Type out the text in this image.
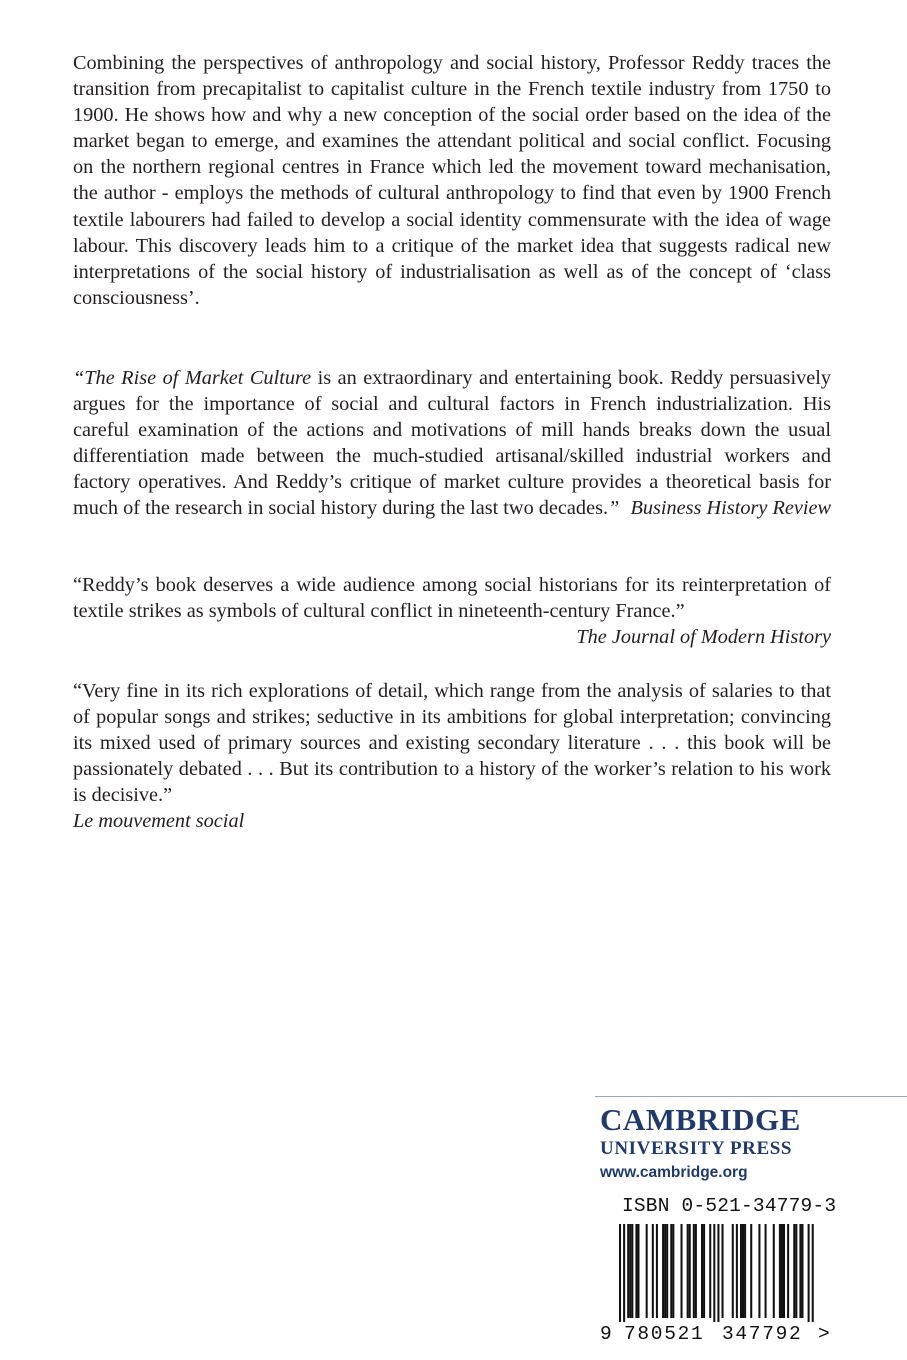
Combining the perspectives of anthropology and social history, Professor Reddy traces the transition from precapitalist to capitalist culture in the French textile industry from 1750 to 1900. He shows how and why a new conception of the social order based on the idea of the market began to emerge, and examines the attendant political and social conflict. Focusing on the northern regional centres in France which led the movement toward mechanisation, the author - employs the methods of cultural anthropology to find that even by 1900 French textile labourers had failed to develop a social identity commensurate with the idea of wage labour. This discovery leads him to a critique of the market idea that suggests radical new interpretations of the social history of industrialisation as well as of the concept of ‘class consciousness’.

“The Rise of Market Culture is an extraordinary and entertaining book. Reddy persuasively argues for the importance of social and cultural factors in French industrialization. His careful examination of the actions and motivations of mill hands breaks down the usual differentiation made between the much-studied artisanal/skilled industrial workers and factory operatives. And Reddy’s critique of market culture provides a theoretical basis for much of the research in social history during the last two decades.” Business History Review

“Reddy’s book deserves a wide audience among social historians for its reinterpretation of textile strikes as symbols of cultural conflict in nineteenth-century France.”
The Journal of Modern History

“Very fine in its rich explorations of detail, which range from the analysis of salaries to that of popular songs and strikes; seductive in its ambitions for global interpretation; convincing its mixed used of primary sources and existing secondary literature . . . this book will be passionately debated . . . But its contribution to a history of the worker’s relation to his work is decisive.”

Le mouvement social

CAMBRIDGE
UNIVERSITY PRESS
www.cambridge.org
ISBN 0-521-34779-3
9 780521 347792 >
